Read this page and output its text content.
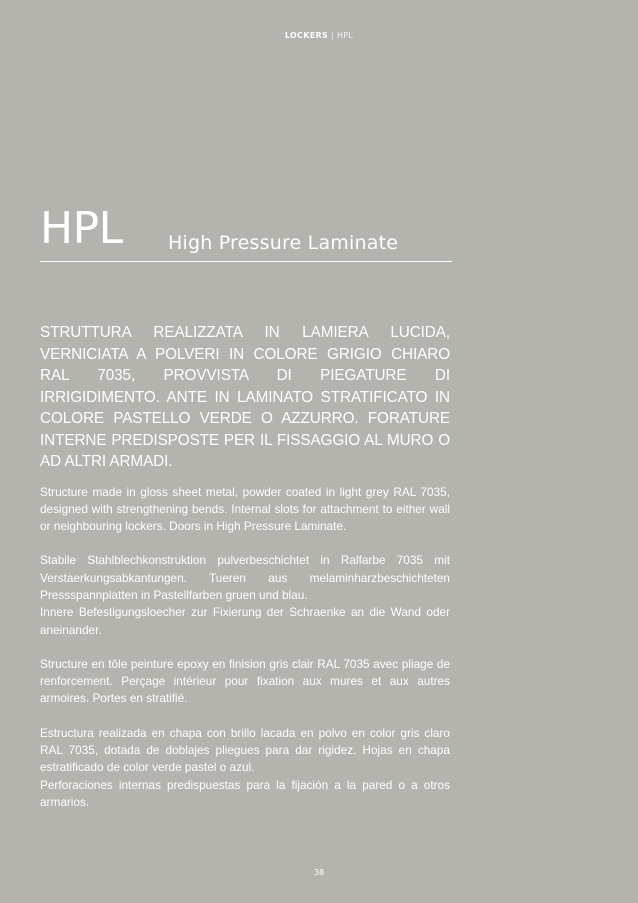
LOCKERS | HPL
HPL High Pressure Laminate

STRUTTURA REALIZZATA IN LAMIERA LUCIDA, VERNICIATA A POLVERI IN COLORE GRIGIO CHIARO RAL 7035, PROVVISTA DI PIEGATURE DI IRRIGIDIMENTO. ANTE IN LAMINATO STRATIFICATO IN COLORE PASTELLO VERDE O AZZURRO. FORATURE INTERNE PREDISPOSTE PER IL FISSAGGIO AL MURO O AD ALTRI ARMADI.

Structure made in gloss sheet metal, powder coated in light grey RAL 7035, designed with strengthening bends. Internal slots for attachment to either wall or neighbouring lockers. Doors in High Pressure Laminate.

Stabile Stahlblechkonstruktion pulverbeschichtet in Ralfarbe 7035 mit Verstaerkungsabkantungen. Tueren aus melaminharzbeschichteten Pressspannplatten in Pastellfarben gruen und blau.
Innere Befestigungsloecher zur Fixierung der Schraenke an die Wand oder aneinander.

Structure en tôle peinture epoxy en finision gris clair RAL 7035 avec pliage de renforcement. Perçage intérieur pour fixation aux mures et aux autres armoires. Portes en stratifié.

Estructura realizada en chapa con brillo lacada en polvo en color gris claro RAL 7035, dotada de doblajes pliegues para dar rigidez. Hojas en chapa estratificado de color verde pastel o azul.
Perforaciones internas predispuestas para la fijación a la pared o a otros armarios.

38
